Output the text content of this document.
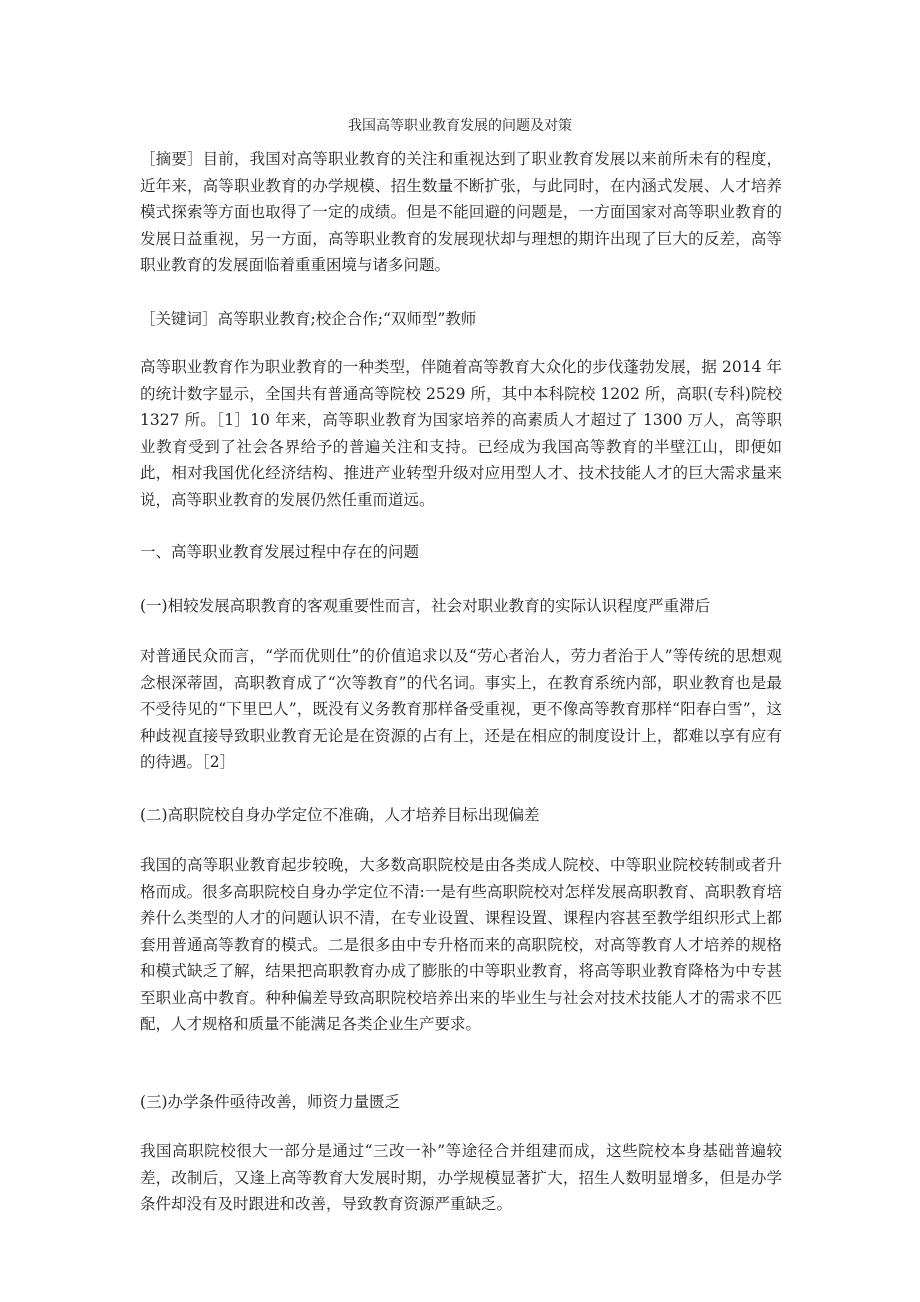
我国高等职业教育发展的问题及对策

［摘要］目前，我国对高等职业教育的关注和重视达到了职业教育发展以来前所未有的程度，近年来，高等职业教育的办学规模、招生数量不断扩张，与此同时，在内涵式发展、人才培养模式探索等方面也取得了一定的成绩。但是不能回避的问题是，一方面国家对高等职业教育的发展日益重视，另一方面，高等职业教育的发展现状却与理想的期许出现了巨大的反差，高等职业教育的发展面临着重重困境与诸多问题。

［关键词］高等职业教育;校企合作;“双师型”教师

高等职业教育作为职业教育的一种类型，伴随着高等教育大众化的步伐蓬勃发展，据 2014 年的统计数字显示，全国共有普通高等院校 2529 所，其中本科院校 1202 所，高职(专科)院校 1327 所。［1］10 年来，高等职业教育为国家培养的高素质人才超过了 1300 万人，高等职业教育受到了社会各界给予的普遍关注和支持。已经成为我国高等教育的半壁江山，即便如此，相对我国优化经济结构、推进产业转型升级对应用型人才、技术技能人才的巨大需求量来说，高等职业教育的发展仍然任重而道远。

一、高等职业教育发展过程中存在的问题

(一)相较发展高职教育的客观重要性而言，社会对职业教育的实际认识程度严重滞后

对普通民众而言，“学而优则仕”的价值追求以及“劳心者治人，劳力者治于人”等传统的思想观念根深蒂固，高职教育成了“次等教育”的代名词。事实上，在教育系统内部，职业教育也是最不受待见的“下里巴人”，既没有义务教育那样备受重视，更不像高等教育那样“阳春白雪”，这种歧视直接导致职业教育无论是在资源的占有上，还是在相应的制度设计上，都难以享有应有的待遇。［2］

(二)高职院校自身办学定位不准确，人才培养目标出现偏差

我国的高等职业教育起步较晚，大多数高职院校是由各类成人院校、中等职业院校转制或者升格而成。很多高职院校自身办学定位不清:一是有些高职院校对怎样发展高职教育、高职教育培养什么类型的人才的问题认识不清，在专业设置、课程设置、课程内容甚至教学组织形式上都套用普通高等教育的模式。二是很多由中专升格而来的高职院校，对高等教育人才培养的规格和模式缺乏了解，结果把高职教育办成了膨胀的中等职业教育，将高等职业教育降格为中专甚至职业高中教育。种种偏差导致高职院校培养出来的毕业生与社会对技术技能人才的需求不匹配，人才规格和质量不能满足各类企业生产要求。

(三)办学条件亟待改善，师资力量匮乏

我国高职院校很大一部分是通过“三改一补”等途径合并组建而成，这些院校本身基础普遍较差，改制后，又逢上高等教育大发展时期，办学规模显著扩大，招生人数明显增多，但是办学条件却没有及时跟进和改善，导致教育资源严重缺乏。
